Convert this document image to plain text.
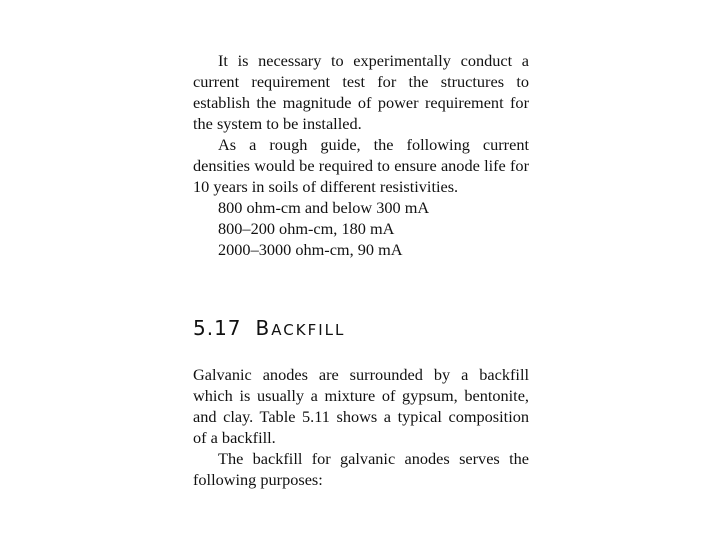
It is necessary to experimentally conduct a current requirement test for the structures to establish the magnitude of power requirement for the system to be installed.

As a rough guide, the following current densities would be required to ensure anode life for 10 years in soils of different resistivities.

800 ohm-cm and below 300 mA

800–200 ohm-cm, 180 mA

2000–3000 ohm-cm, 90 mA

5.17 BACKFILL

Galvanic anodes are surrounded by a backfill which is usually a mixture of gypsum, bentonite, and clay. Table 5.11 shows a typical composition of a backfill.

The backfill for galvanic anodes serves the following purposes:
